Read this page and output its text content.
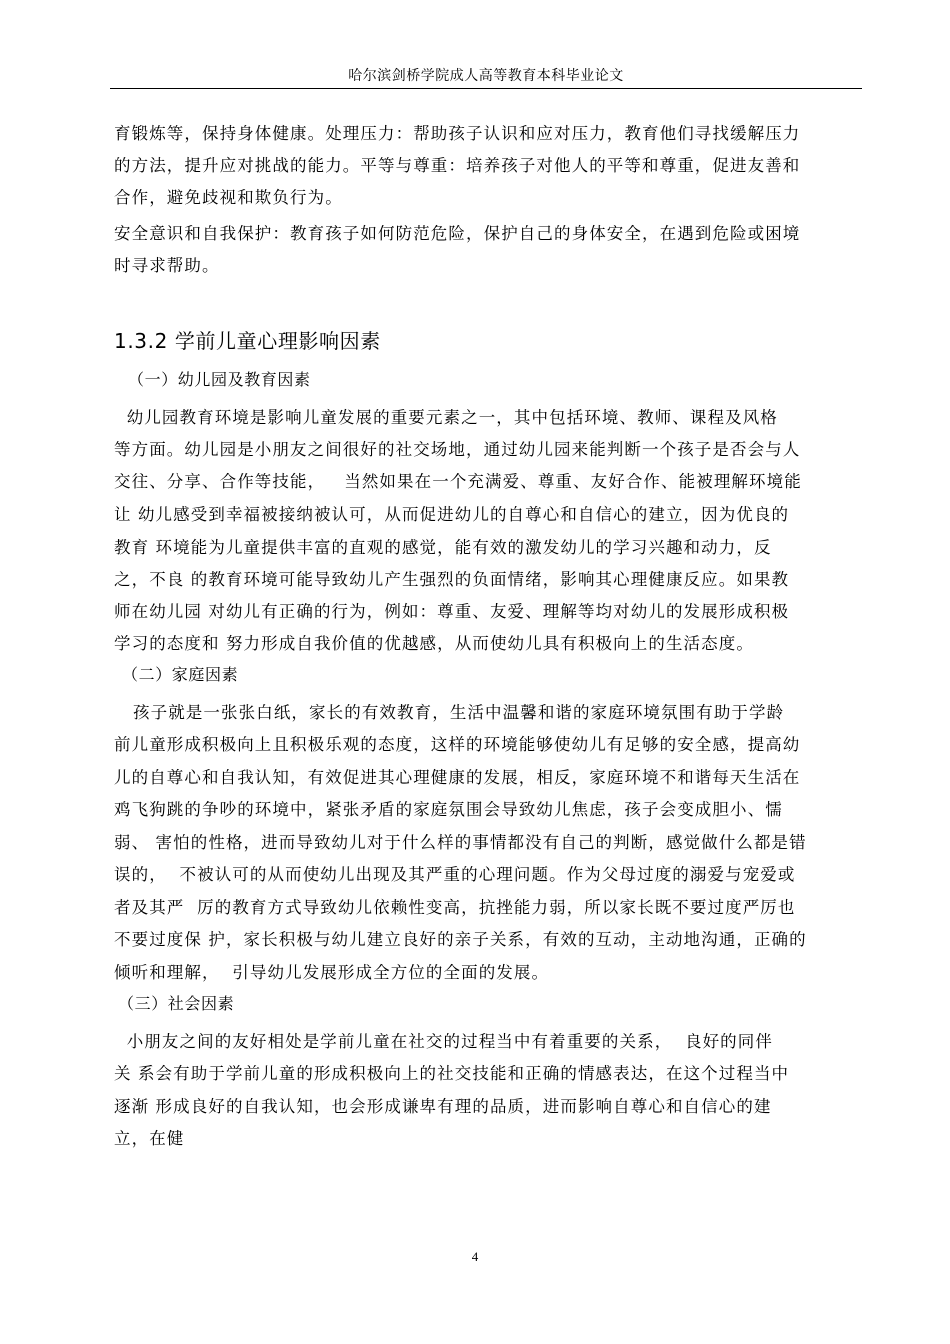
哈尔滨剑桥学院成人高等教育本科毕业论文
育锻炼等，保持身体健康。处理压力：帮助孩子认识和应对压力，教育他们寻找缓解压力
的方法，提升应对挑战的能力。平等与尊重：培养孩子对他人的平等和尊重，促进友善和
合作，避免歧视和欺负行为。
安全意识和自我保护：教育孩子如何防范危险，保护自己的身体安全，在遇到危险或困境
时寻求帮助。
1.3.2 学前儿童心理影响因素
（一）幼儿园及教育因素
幼儿园教育环境是影响儿童发展的重要元素之一，其中包括环境、教师、课程及风格
等方面。幼儿园是小朋友之间很好的社交场地，通过幼儿园来能判断一个孩子是否会与人
交往、分享、合作等技能，   当然如果在一个充满爱、尊重、友好合作、能被理解环境能
让 幼儿感受到幸福被接纳被认可，从而促进幼儿的自尊心和自信心的建立，因为优良的
教育 环境能为儿童提供丰富的直观的感觉，能有效的激发幼儿的学习兴趣和动力，反
之，不良 的教育环境可能导致幼儿产生强烈的负面情绪，影响其心理健康反应。如果教
师在幼儿园 对幼儿有正确的行为，例如：尊重、友爱、理解等均对幼儿的发展形成积极
学习的态度和 努力形成自我价值的优越感，从而使幼儿具有积极向上的生活态度。
（二）家庭因素
孩子就是一张张白纸，家长的有效教育，生活中温馨和谐的家庭环境氛围有助于学龄
前儿童形成积极向上且积极乐观的态度，这样的环境能够使幼儿有足够的安全感，提高幼
儿的自尊心和自我认知，有效促进其心理健康的发展，相反，家庭环境不和谐每天生活在
鸡飞狗跳的争吵的环境中，紧张矛盾的家庭氛围会导致幼儿焦虑，孩子会变成胆小、懦
弱、 害怕的性格，进而导致幼儿对于什么样的事情都没有自己的判断，感觉做什么都是错
误的，  不被认可的从而使幼儿出现及其严重的心理问题。作为父母过度的溺爱与宠爱或
者及其严  厉的教育方式导致幼儿依赖性变高，抗挫能力弱，所以家长既不要过度严厉也
不要过度保 护，家长积极与幼儿建立良好的亲子关系，有效的互动，主动地沟通，正确的
倾听和理解，  引导幼儿发展形成全方位的全面的发展。
（三）社会因素
小朋友之间的友好相处是学前儿童在社交的过程当中有着重要的关系，  良好的同伴
关 系会有助于学前儿童的形成积极向上的社交技能和正确的情感表达，在这个过程当中
逐渐 形成良好的自我认知，也会形成谦卑有理的品质，进而影响自尊心和自信心的建
立，在健
4
